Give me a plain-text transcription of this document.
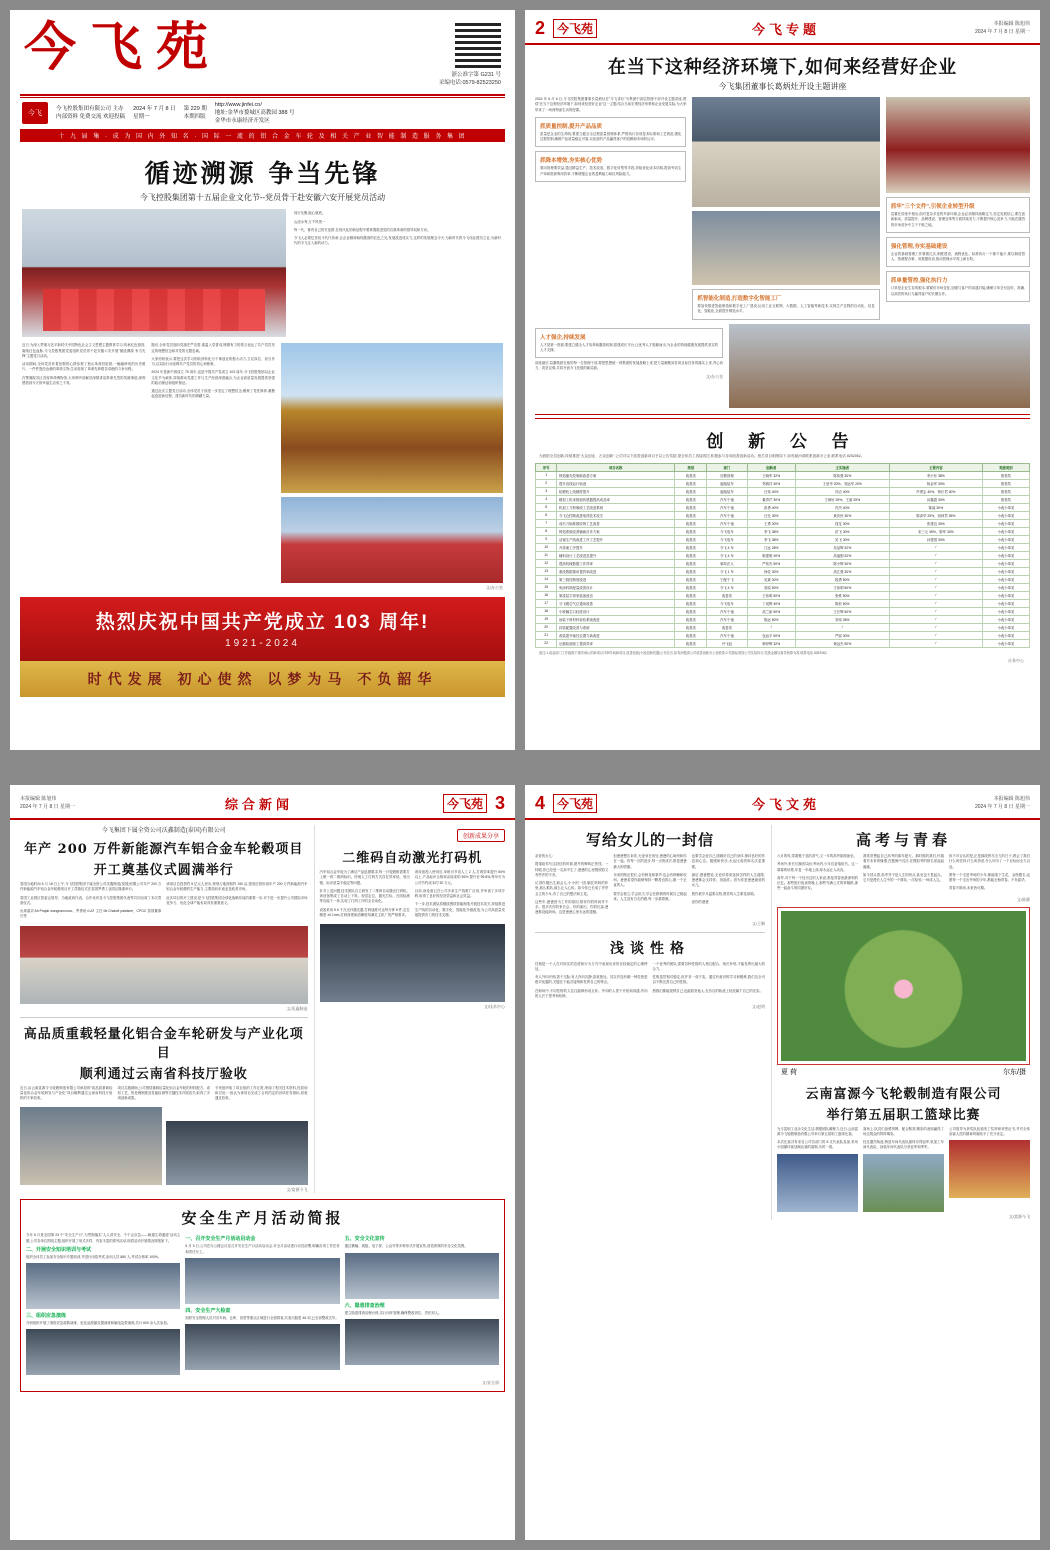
今飞苑	浙公准字第 G231 号
采编电话:0579-82523250
今飞
今飞控股集团有限公司 主办
内部资料 免费交流 欢迎投稿
2024 年 7 月 8 日
星期一
第 229 期
本期四版
http://www.jinfei.cn/
地址:金华市婺城区高教园 388 号
金华市永康经济开发区
十 九 届 集 · 成 为 国 内 外 知 名 · 国 际 一 流 的 铝 合 金 车 轮 及 相 关 产 业 智 能 制 造 服 务 集 团
循迹溯源 争当先锋
今飞控股集团第十五届企业文化节--党员骨干赴安徽六安开展党员活动

同行友聚,能心就底。

山清水秀,万千风景一

每一代、都有自己的长征路,在现代化的新征程中要掌握推进党的自我革命的领导权和方向。

今飞人必要忆昔抚今代代传承,让企业精神始终激荡的红色之光,发展改进成实力,这样的发展理念今天,为新时代的今飞伟业建功立业,为新时代的今飞注入新的动力。

近日,为深入贯彻习近平新时代中国特色社会主义思想主题教育学习,传承红色基因,赓续红色血脉,今飞控股集团党委组织党员骨干赴安徽六安开展"循迹溯源 争当先锋"主题党日活动。

活动期间,全体党员怀着崇敬的心情参观了独山革命旧址群,一幅幅珍贵的历史照片、一件件饱经沧桑的革命文物,生动再现了革命先辈艰苦卓绝的斗争历程。

在鄂豫皖苏区首府革命博物馆,大家聆听讲解员深情讲述革命先烈的英雄事迹,深刻感悟到今天的幸福生活来之不易。

随后,全体党员面向党旗庄严宣誓,重温入党誓词,铿锵有力的誓言表达了共产党员坚定的理想信念和对党的无限忠诚。

大家纷纷表示,要把这次学习的收获转化为干事创业的强大动力,立足岗位、担当作为,以实际行动诠释共产党员的初心和使命。

2024 年是新中国成立 75 周年,也是中国共产党成立 103 周年,今飞控股集团以企业文化节为载体,持续推动党建工作与生产经营深度融合,为企业高质量发展提供坚强的政治保证和组织保证。

通过此次主题党日活动,全体党员干部进一步坚定了理想信念,锤炼了党性修养,凝聚起奋进新征程、建功新时代的磅礴力量。

文/办公室
热烈庆祝中国共产党成立 103 周年!
1921-2024
时代发展 初心使然 以梦为马 不负韶华
2	今飞苑	今飞专题	本报编辑 陈旭伟
2024 年 7 月 8 日 星期一
在当下这种经济环境下,如何来经营好企业
今飞集团董事长葛炳灶开设主题讲座
2024 年 6 月 6 日,今飞控股集团董事长葛炳灶在"今飞讲坛"为集团中高层管理干部开设主题讲座,围绕"在当下这种经济环境下,如何来经营好企业"这一主题,结合当前宏观经济形势和企业发展实际,为大家带来了一场深刻而生动的授课。
抓质量控制,提升产品品质
质量是企业的生命线,要建立健全全过程质量管理体系,严格执行各项技术标准和工艺规范,强化过程控制,确保产品质量稳定可靠,以优质的产品赢得客户的信赖和市场的认可。
抓降本增效,夯实核心优势
要向管理要效益,通过精益生产、技术改造、数字化转型等手段,持续优化成本结构,提高劳动生产率和资源利用效率,不断增强企业的盈利能力和抗风险能力。
抓智能化制造,打造数字化智能工厂
要加快推进智能制造和数字化工厂建设,运用工业互联网、大数据、人工智能等新技术,实现生产过程的自动化、信息化、智能化,全面提升制造水平。
抓牢"三个文件",引领企业转型升级
葛董在讲座中指出,面对复杂多变的外部环境,企业必须保持战略定力,坚定发展信心,要在创新驱动、质量提升、品牌建设、管理变革等方面持续发力,不断提升核心竞争力,才能在激烈的市场竞争中立于不败之地。
强化管理,夯实基础建设
企业的基础管理工作要做扎实,制度建设、流程优化、标准执行一个都不能少,要以制度管人、按流程办事、用数据说话,推动管理水平再上新台阶。
抓单量管控,强化执行力
订单是企业生存的根本,要紧盯市场变化,加强与客户的沟通对接,确保订单交付及时、准确,以高效的执行力赢得客户的长期合作。
人才强企,持续发展
人才是第一资源,要建立健全人才培养和激励机制,搭建成长平台,让优秀人才脱颖而出,为企业的持续健康发展提供坚实的人才支撑。
讲座最后,葛董勉励在座的每一位管理干部,要把思想统一到集团的发展战略上来,把力量凝聚到各项目标任务的落实上来,齐心协力、攻坚克难,共同开创今飞发展的新局面。
文/办公室
创 新 公 告
为鼓励全员创新,持续推进"大众创业、万众创新",公司对以下改善创新项目予以公告奖励,望全体员工再接再厉,积极参与各项改善创新活动。相关项目明细如下,如有疑问请联系创新办公室,联系电话 8252062。
序号	项目名称	类别	部门	创新者	主实施者	主要内容	奖励类别
1	铸造缩壳控制新改善方案	改善类	后勤管理	王晓军 32%	陈伟强 30%	李小东 38%	推荐奖
2	提升直线运行轨迹	改善类	旋踏装车	郑海洋 30%	王爱华 20%、刘远华 20%	杨金军 30%	推荐奖
3	轮毂机上线精度提升	改善类	旋踏装车	汪伟 40%	冯洁 40%	许勇志 40%、杨长君 30%	推荐奖
4	精加工机床数值传感器提高成品率	改善类	汽车个速	董青芹 30%	王海轩 25%、王丽 25%	闷鑫超 30%	推荐奖
5	机加工刀粉修改工艺改进系统	改善类	汽车个速	彭勇 40%	冯杰 40%	陈福 30%	小改小革类
6	今飞仓控制改进取得技术攻关	改善类	汽车个速	汪仕 30%	黄庆民 30%	陈泽华 25%、西林君 35%	小改小革类
7	前后刀轴系数收纳工艺改善	改善类	汽车个速	王勇 30%	钱龙 30%	张建良 30%	小改小革类
8	铸造系统改善辅助自作方案	改善类	今飞电车	李飞 38%	洪飞 30%	宋三元 35%、陈军 30%	小改小革类
9	活塞生产线改进工序工艺提升	改善类	今飞电车	李飞 38%	吴飞 30%	孙建国 30%	小改小革类
10	开漆流工序提升	改善类	今飞 4 车	江远 28%	吴品辉 32%	/	小改小革类
11	辅料设计工艺改进及提升	改善类	今飞 4 车	陈建明 40%	高福刚 32%	/	小改小革类
12	提高机械数据工作效率	改善类	事故法人	严伟杰 50%	陈小辉 30%	/	小改小革类
13	重改数据重用提效率改进	改善类	今飞 1 车	徐佳 30%	高江强 30%	/	小改小革类
14	第三段控制度改进	改善类	宁配个飞	吴斌 30%	段勇 50%	/	小改小革类
15	免涂料料配量改善设计	改善类	今飞 4 车	高原 50%	王伟明 50%	/	小改小革类
16	第漆层字到家装备改良	改善类	改善类	王伟明 50%	张维 50%	/	小改小革类
17	分飞模芯气位通用改善	改善类	今飞电车	丁成辉 40%	陈松 50%	/	小改小革类
18	小轿辅芯口轻度设计	改善类	汽车个速	高兰新 50%	王长辉 50%	/	小改小革类
19	涂装下科材料检验系统改进	改善类	汽车个速	陈远 50%	刘伟 35%	/	小改小革类
20	封装配置改善与系统	改善类	改善类	/	/	/	小改小革类
21	改装提升轴性位置力新改进	改善类	汽车个速	包远平 50%	严丽 30%	/	小改小革类
22	压缩检测加工提高效率	改善类	丹飞冠	韩伊辉 32%	黄远杰 50%	/	小改小革类
备注:1.成品部门工作稳推不重庆承认的新项目评审时间和项目,改善创新(小改创新机器)公布在后,如有问题请公司改善创新办公室联系;2.奖励标准按公司实际执行,奖励金额以财务核算为准,联系电话 8252062。
社务中心
本报编辑 陈旭伟
2024 年 7 月 8 日 星期一	综合新闻	今飞苑 3
今飞集团下属全资公司沃鑫制造(泰国)有限公司
年产 200 万件新能源汽车铝合金车轮毂项目
开工奠基仪式圆满举行

泰国当地时间 6 月 18 日上午,今飞控股集团下属全资公司沃鑫制造(泰国)有限公司年产 200 万件新能源汽车铝合金车轮毂项目开工奠基仪式在泰国罗勇工业园区隆重举行。

泰国工业园区管委会领导、当地政府代表、合作伙伴及今飞控股集团代表等共同出席了本次奠基仪式。

出席嘉宾:Mr.Prajak wangnamonoc、罗勇府 rLAT 主任 Mr.Chaiwit palaisee、CPGC 泰国董事长等

该项目总投资约 5 亿元人民币,规划占地面积约 150 亩,建成后将形成年产 200 万件新能源汽车铝合金车轮毂的生产能力,主要面向东南亚及欧美市场。

此次项目的开工建设,是今飞控股集团全球化战略布局的重要一步,对于进一步提升公司国际市场竞争力、优化全球产能布局具有重要意义。

文/沃鑫制造
高品质重载轻量化铝合金车轮研发与产业化项目
顺利通过云南省科技厅验收

近日,由云南富源今飞轮毂制造有限公司承担的"高品质重载轻量化铝合金车轮研发与产业化"项目顺利通过云南省科技厅组织的专家验收。

项目实施期间,公司围绕重载轻量化铝合金车轮的材料配方、成形工艺、热处理制度及性能检测等关键技术开展攻关,取得了多项创新成果。

专家组听取了项目组的工作汇报,审阅了相关技术资料,经质询和讨论,一致认为该项目完成了合同约定的各项任务指标,同意通过验收。

文/富源今飞
创新成果分享
二维码自动激光打码机

汽车铝合金车轮为了满足产品追溯要求,每一只轮毂都需要打上唯一的二维码标识。传统人工打码方式存在效率低、易出错、标识质量不稳定等问题。

针对上述问题,技术团队自主研发了二维码自动激光打码机。该设备集成了自动上下料、视觉定位、激光打标、在线检测等功能于一体,实现了打码工序的全自动化。

设备采用 5.5 千瓦光纤激光器,打码速度可达每分钟 8 件,定位精度 ±0.1mm,打码深度和清晰度均满足主机厂的严格要求。

该设备投入使用后,单班可节省人工 2 人,打码效率提升 60% 以上,产品标识合格率由原来的 96% 提升至 99.8%,每年可为公司节约成本约 30 万元。

目前,该设备已在公司多条生产线推广应用,并申请了多项专利,取得了良好的经济效益和社会效益。

下一步,技术团队将继续围绕智能制造开展技术攻关,持续推进生产线的自动化、数字化、智能化升级改造,为公司高质量发展提供有力的技术支撑。

文/技术中心
安全生产月活动简报
今年 6 月是全国第 23 个"安全生产月",为贯彻落实"人人讲安全、个个会应急——畅通生命通道"活动主题,公司各单位围绕主题,组织开展了形式多样、内容丰富的系列活动,现将活动开展情况简报如下。
二、开展安全知识培训与考试
组织全体员工参加安全知识专题培训,并进行闭卷考试,参训人员 860 人,考试合格率 100%。
三、组织应急演练
分别组织开展了消防应急疏散演练、危化品泄漏处置演练和触电急救演练,共计 600 余人次参加。
一、召开安全生产月活动启动会
6 月 3 日,公司在办公楼会议室召开安全生产月活动启动会,对全月活动进行动员部署,明确各项工作任务和责任分工。
四、安全生产大检查
组织安全管理人员对各车间、仓库、食堂等重点区域进行全面排查,共查出隐患 46 项,已全部整改完毕。
五、安全文化宣传
通过横幅、展板、电子屏、公众号等多种形式开展宣传,营造浓厚的安全文化氛围。
六、隐患排查治理
建立隐患排查治理台账,实行闭环管理,确保整改到位、责任到人。
文/安全部
4	今飞苑	今飞文苑	本报编辑 陈旭伟
2024 年 7 月 8 日 星期一
写给女儿的一封信

亲爱的女儿:

提笔给你写这封信的时候,窗外的蝉鸣正热烈。一转眼,你已经是一名高中生了,爸爸的心里既欣慰又有些许的不舍。

记得你刚出生那会儿,小小的一团,躺在妈妈的怀里,那么柔软,那么让人心疼。如今你已长成了亭亭玉立的少女,有了自己的想法和主见。

这些年,爸爸因为工作的原因,陪伴你的时间并不多。很多次你的家长会、你的演出、你的比赛,爸爸都没能到场。这是爸爸心里永远的遗憾。

但爸爸想告诉你,无论身在何处,爸爸的心始终和你在一起。你每一次的进步,每一点的成长,都是爸爸最大的骄傲。

未来的路还很长,会有鲜花和掌声,也会有荆棘和坎坷。爸爸希望你能够保持一颗善良的心,做一个正直的人。

要学会独立,学会担当,学会在跌倒的时候自己爬起来。人生没有白走的路,每一步都算数。

也要学会爱自己,照顾好自己的身体,保持良好的作息和心态。健康和快乐,永远比成绩和名次更重要。

最后,爸爸想说,无论你将来选择怎样的人生道路,爸爸都会支持你、祝福你。因为你是爸爸最爱的女儿。

愿你被岁月温柔以待,愿你的人生繁花似锦。

爱你的爸爸

文/王琳
浅谈性格

性格是一个人在对现实的态度和行为方式中表现出来的比较稳定的心理特征。

有人外向开朗,善于交际;有人内向沉静,喜欢独处。其实并没有哪一种性格是绝对优越的,关键在于能否接纳和发挥自己的特点。

在职场中,不同性格的人往往能够形成互补。外向的人善于开拓和沟通,内向的人长于思考和钻研。

一个优秀的团队,需要各种性格的人相互配合、取长补短,才能发挥出最大的合力。

性格虽然相对稳定,但并非一成不变。通过有意识的学习和锻炼,我们完全可以不断完善自己的性格。

愿我们都能悦纳自己,也能欣赏他人,在各自的轨道上绽放属于自己的光彩。

文/赵明
高考与青春

六月的风,带着栀子花的香气,又一年的高考如期而至。

考场外,家长们翘首以盼;考场内,少年们奋笔疾书。这一幕幕的场景,年复一年地上演,却永远让人动容。

高考,对于每一个经历过的人来说,都是青春里最深刻的记忆。那些挑灯夜读的晚上,那些写满公式的草稿纸,那些一起奋斗的同窗好友。

我常常想起自己高考的那年夏天。那时候的我们,怀揣着对未来的憧憬,在题海中沉浮,在模拟考的排名里起起落落。

如今回头看,高考并不是人生的终点,甚至也不是起点。它只是漫长人生中的一个驿站,一次检验,一场成人礼。

但不可否认的是,正是那段拼尽全力的日子,教会了我们什么叫坚持,什么叫热爱,什么叫为了一个目标而全力以赴。

愿每一个走进考场的少年,都能笔下生花、金榜题名;也愿每一个走出考场的少年,都能无悔青春、不负韶华。

青春不散场,未来皆可期。

文/陈静
夏 荷	尔东/摄
云南富源今飞轮毂制造有限公司
举行第五届职工篮球比赛

为丰富职工业余文化生活,增强团队凝聚力,近日,云南富源今飞轮毂制造有限公司举行第五届职工篮球比赛。

本次比赛共有来自公司各部门的 8 支代表队参加,采用小组循环赛加淘汰赛的赛制,历时一周。

赛场上,队员们奋勇拼搏、配合默契,精彩的表现赢得了场边观众的阵阵喝彩。

经过激烈角逐,铸造车间代表队最终夺得冠军,机加工车间代表队、涂装车间代表队分获亚军和季军。

公司领导为获奖队伍颁发了奖杯和荣誉证书,并对全体参赛人员的精神风貌给予了充分肯定。

文/富源今飞
